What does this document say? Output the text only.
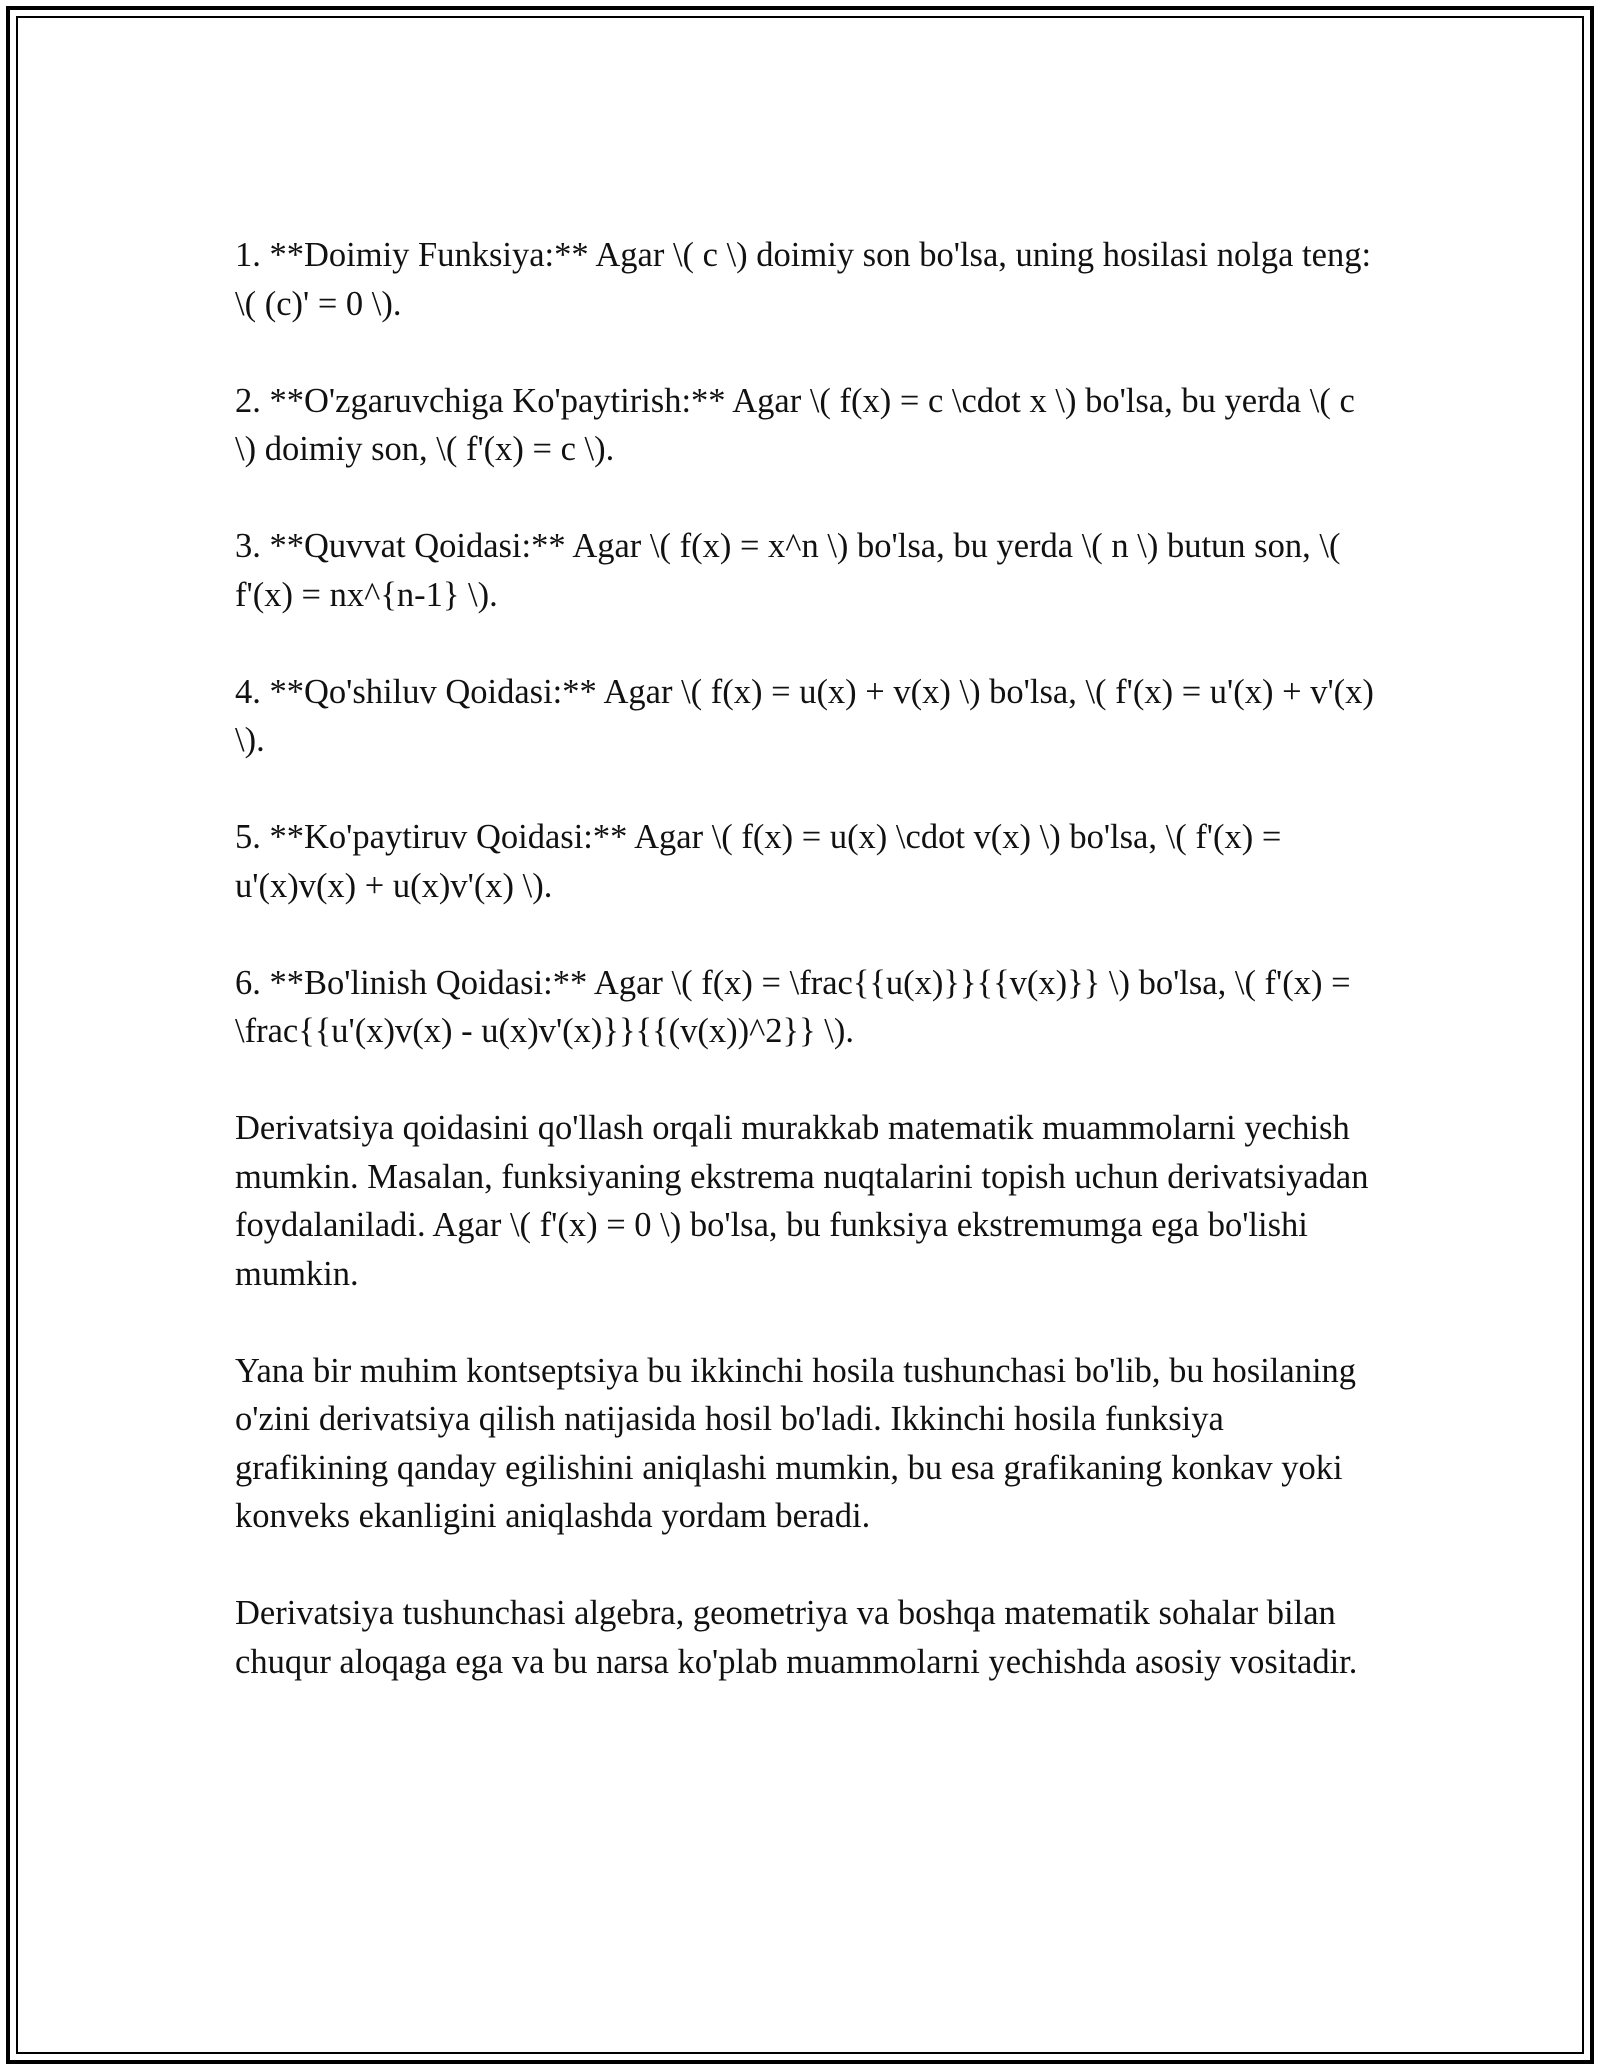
1. **Doimiy Funksiya:** Agar \( c \) doimiy son bo'lsa, uning hosilasi nolga teng: \( (c)' = 0 \).

2. **O'zgaruvchiga Ko'paytirish:** Agar \( f(x) = c \cdot x \) bo'lsa, bu yerda \( c \) doimiy son, \( f'(x) = c \).

3. **Quvvat Qoidasi:** Agar \( f(x) = x^n \) bo'lsa, bu yerda \( n \) butun son, \( f'(x) = nx^{n-1} \).

4. **Qo'shiluv Qoidasi:** Agar \( f(x) = u(x) + v(x) \) bo'lsa, \( f'(x) = u'(x) + v'(x) \).

5. **Ko'paytiruv Qoidasi:** Agar \( f(x) = u(x) \cdot v(x) \) bo'lsa, \( f'(x) = u'(x)v(x) + u(x)v'(x) \).

6. **Bo'linish Qoidasi:** Agar \( f(x) = \frac{{u(x)}}{{v(x)}} \) bo'lsa, \( f'(x) = \frac{{u'(x)v(x) - u(x)v'(x)}}{{(v(x))^2}} \).

Derivatsiya qoidasini qo'llash orqali murakkab matematik muammolarni yechish mumkin. Masalan, funksiyaning ekstrema nuqtalarini topish uchun derivatsiyadan foydalaniladi. Agar \( f'(x) = 0 \) bo'lsa, bu funksiya ekstremumga ega bo'lishi mumkin.

Yana bir muhim kontseptsiya bu ikkinchi hosila tushunchasi bo'lib, bu hosilaning o'zini derivatsiya qilish natijasida hosil bo'ladi. Ikkinchi hosila funksiya grafikining qanday egilishini aniqlashi mumkin, bu esa grafikaning konkav yoki konveks ekanligini aniqlashda yordam beradi.

Derivatsiya tushunchasi algebra, geometriya va boshqa matematik sohalar bilan chuqur aloqaga ega va bu narsa ko'plab muammolarni yechishda asosiy vositadir.
